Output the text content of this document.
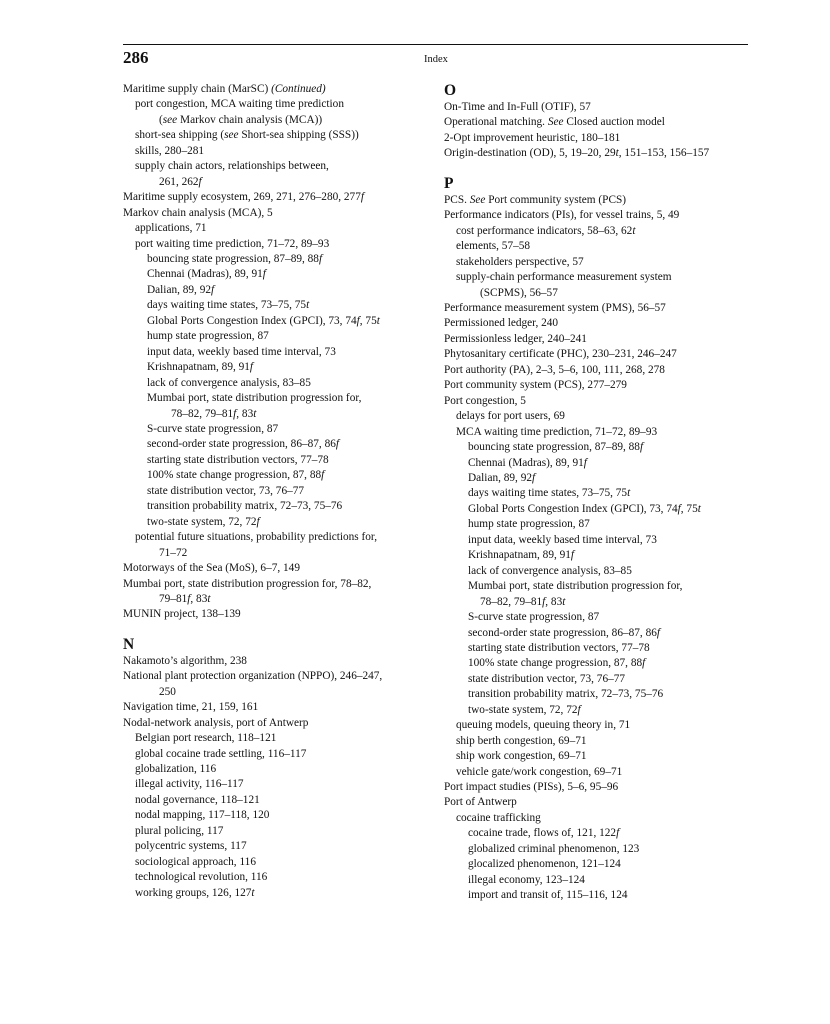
286	Index
Maritime supply chain (MarSC) (Continued)
port congestion, MCA waiting time prediction
(see Markov chain analysis (MCA))
short-sea shipping (see Short-sea shipping (SSS))
skills, 280–281
supply chain actors, relationships between,
261, 262f
Maritime supply ecosystem, 269, 271, 276–280, 277f
Markov chain analysis (MCA), 5
applications, 71
port waiting time prediction, 71–72, 89–93
bouncing state progression, 87–89, 88f
Chennai (Madras), 89, 91f
Dalian, 89, 92f
days waiting time states, 73–75, 75t
Global Ports Congestion Index (GPCI), 73, 74f, 75t
hump state progression, 87
input data, weekly based time interval, 73
Krishnapatnam, 89, 91f
lack of convergence analysis, 83–85
Mumbai port, state distribution progression for,
78–82, 79–81f, 83t
S-curve state progression, 87
second-order state progression, 86–87, 86f
starting state distribution vectors, 77–78
100% state change progression, 87, 88f
state distribution vector, 73, 76–77
transition probability matrix, 72–73, 75–76
two-state system, 72, 72f
potential future situations, probability predictions for,
71–72
Motorways of the Sea (MoS), 6–7, 149
Mumbai port, state distribution progression for, 78–82,
79–81f, 83t
MUNIN project, 138–139
N
Nakamoto’s algorithm, 238
National plant protection organization (NPPO), 246–247,
250
Navigation time, 21, 159, 161
Nodal-network analysis, port of Antwerp
Belgian port research, 118–121
global cocaine trade settling, 116–117
globalization, 116
illegal activity, 116–117
nodal governance, 118–121
nodal mapping, 117–118, 120
plural policing, 117
polycentric systems, 117
sociological approach, 116
technological revolution, 116
working groups, 126, 127t
O
On-Time and In-Full (OTIF), 57
Operational matching. See Closed auction model
2-Opt improvement heuristic, 180–181
Origin-destination (OD), 5, 19–20, 29t, 151–153, 156–157
P
PCS. See Port community system (PCS)
Performance indicators (PIs), for vessel trains, 5, 49
cost performance indicators, 58–63, 62t
elements, 57–58
stakeholders perspective, 57
supply-chain performance measurement system
(SCPMS), 56–57
Performance measurement system (PMS), 56–57
Permissioned ledger, 240
Permissionless ledger, 240–241
Phytosanitary certificate (PHC), 230–231, 246–247
Port authority (PA), 2–3, 5–6, 100, 111, 268, 278
Port community system (PCS), 277–279
Port congestion, 5
delays for port users, 69
MCA waiting time prediction, 71–72, 89–93
bouncing state progression, 87–89, 88f
Chennai (Madras), 89, 91f
Dalian, 89, 92f
days waiting time states, 73–75, 75t
Global Ports Congestion Index (GPCI), 73, 74f, 75t
hump state progression, 87
input data, weekly based time interval, 73
Krishnapatnam, 89, 91f
lack of convergence analysis, 83–85
Mumbai port, state distribution progression for,
78–82, 79–81f, 83t
S-curve state progression, 87
second-order state progression, 86–87, 86f
starting state distribution vectors, 77–78
100% state change progression, 87, 88f
state distribution vector, 73, 76–77
transition probability matrix, 72–73, 75–76
two-state system, 72, 72f
queuing models, queuing theory in, 71
ship berth congestion, 69–71
ship work congestion, 69–71
vehicle gate/work congestion, 69–71
Port impact studies (PISs), 5–6, 95–96
Port of Antwerp
cocaine trafficking
cocaine trade, flows of, 121, 122f
globalized criminal phenomenon, 123
glocalized phenomenon, 121–124
illegal economy, 123–124
import and transit of, 115–116, 124
